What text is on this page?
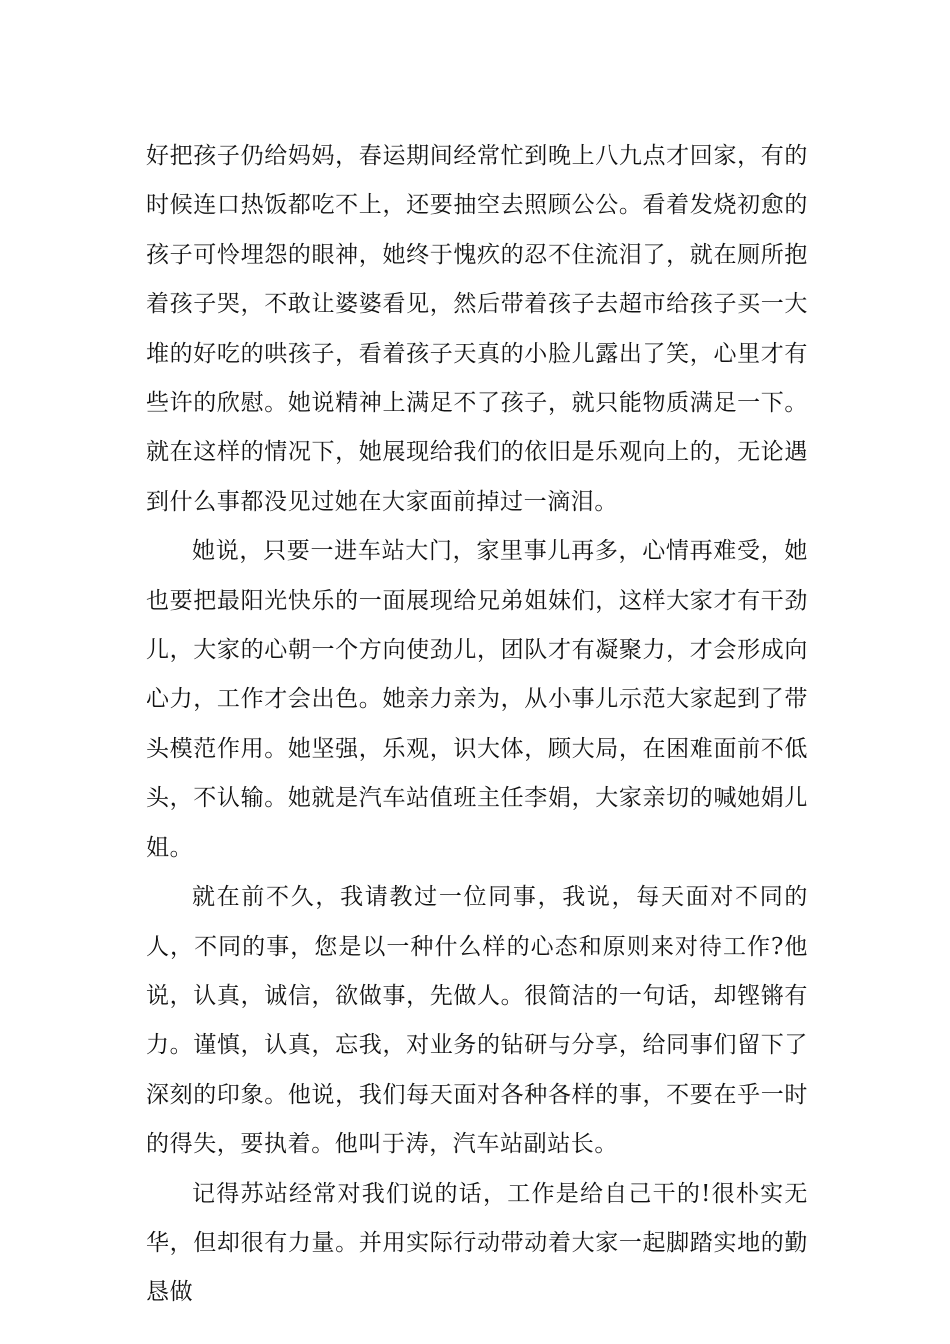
好把孩子仍给妈妈，春运期间经常忙到晚上八九点才回家，有的时候连口热饭都吃不上，还要抽空去照顾公公。看着发烧初愈的孩子可怜埋怨的眼神，她终于愧疚的忍不住流泪了，就在厕所抱着孩子哭，不敢让婆婆看见，然后带着孩子去超市给孩子买一大堆的好吃的哄孩子，看着孩子天真的小脸儿露出了笑，心里才有些许的欣慰。她说精神上满足不了孩子，就只能物质满足一下。就在这样的情况下，她展现给我们的依旧是乐观向上的，无论遇到什么事都没见过她在大家面前掉过一滴泪。

她说，只要一进车站大门，家里事儿再多，心情再难受，她也要把最阳光快乐的一面展现给兄弟姐妹们，这样大家才有干劲儿，大家的心朝一个方向使劲儿，团队才有凝聚力，才会形成向心力，工作才会出色。她亲力亲为，从小事儿示范大家起到了带头模范作用。她坚强，乐观，识大体，顾大局，在困难面前不低头，不认输。她就是汽车站值班主任李娟，大家亲切的喊她娟儿姐。

就在前不久，我请教过一位同事，我说，每天面对不同的人，不同的事，您是以一种什么样的心态和原则来对待工作?他说，认真，诚信，欲做事，先做人。很简洁的一句话，却铿锵有力。谨慎，认真，忘我，对业务的钻研与分享，给同事们留下了深刻的印象。他说，我们每天面对各种各样的事，不要在乎一时的得失，要执着。他叫于涛，汽车站副站长。

记得苏站经常对我们说的话，工作是给自己干的!很朴实无华，但却很有力量。并用实际行动带动着大家一起脚踏实地的勤恳做
